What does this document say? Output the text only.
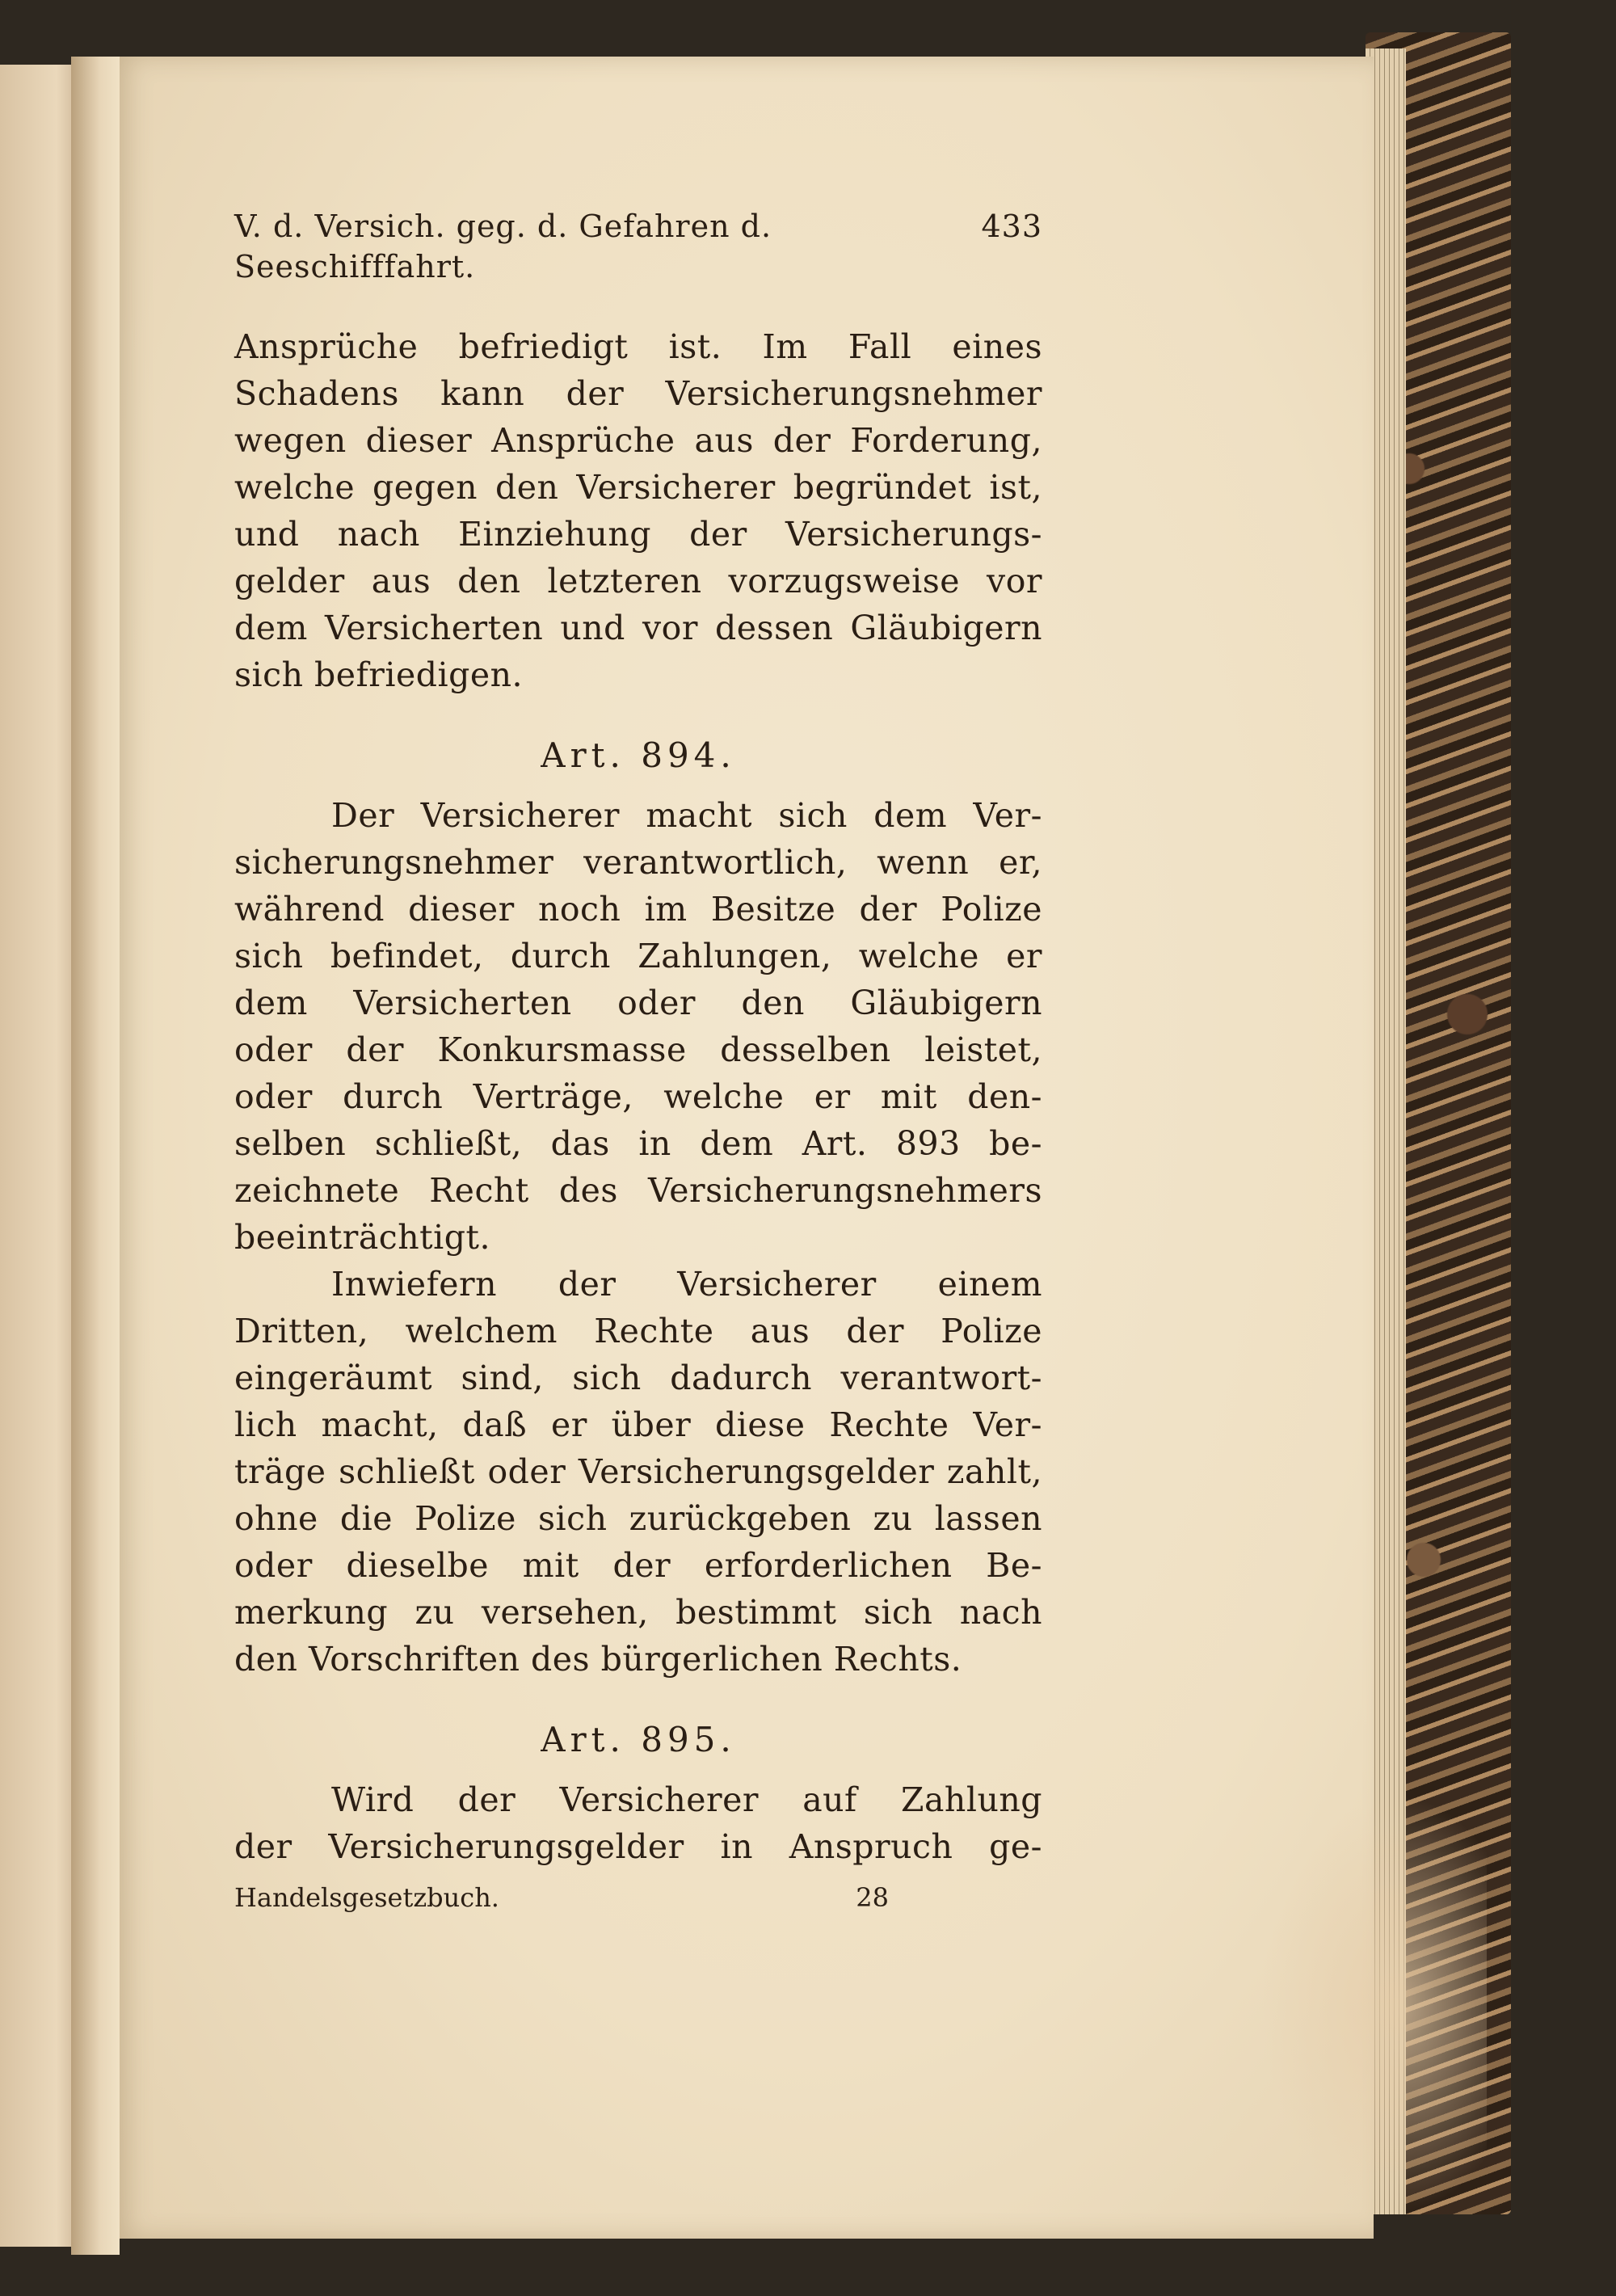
V. d. Versich. geg. d. Gefahren d. Seeschifffahrt.
433
Ansprüche befriedigt ist. Im Fall eines
Schadens kann der Versicherungsnehmer
wegen dieser Ansprüche aus der Forderung,
welche gegen den Versicherer begründet ist,
und nach Einziehung der Versicherungs-
gelder aus den letzteren vorzugsweise vor
dem Versicherten und vor dessen Gläubigern
sich befriedigen.
Art. 894.
Der Versicherer macht sich dem Ver-
sicherungsnehmer verantwortlich, wenn er,
während dieser noch im Besitze der Polize
sich befindet, durch Zahlungen, welche er
dem Versicherten oder den Gläubigern
oder der Konkursmasse desselben leistet,
oder durch Verträge, welche er mit den-
selben schließt, das in dem Art. 893 be-
zeichnete Recht des Versicherungsnehmers
beeinträchtigt.
Inwiefern der Versicherer einem
Dritten, welchem Rechte aus der Polize
eingeräumt sind, sich dadurch verantwort-
lich macht, daß er über diese Rechte Ver-
träge schließt oder Versicherungsgelder zahlt,
ohne die Polize sich zurückgeben zu lassen
oder dieselbe mit der erforderlichen Be-
merkung zu versehen, bestimmt sich nach
den Vorschriften des bürgerlichen Rechts.
Art. 895.
Wird der Versicherer auf Zahlung
der Versicherungsgelder in Anspruch ge-
Handelsgesetzbuch.	28
